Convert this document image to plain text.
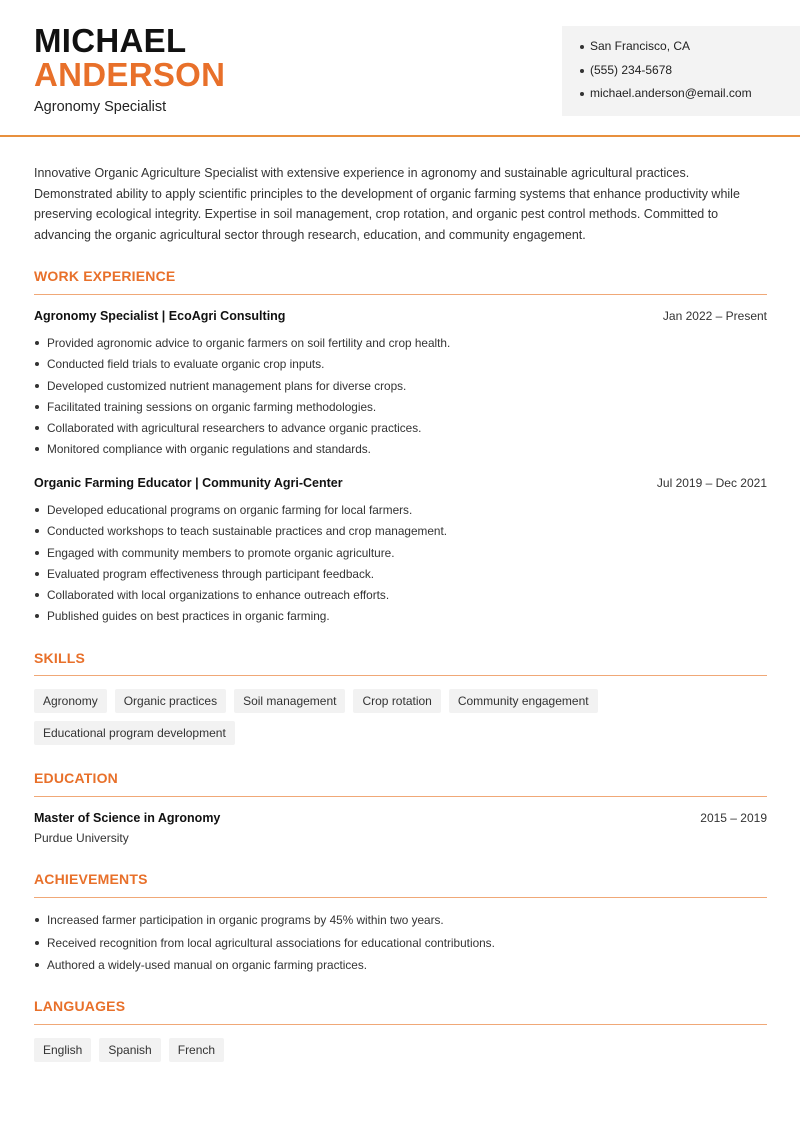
MICHAEL
ANDERSON
Agronomy Specialist
San Francisco, CA
(555) 234-5678
michael.anderson@email.com

Innovative Organic Agriculture Specialist with extensive experience in agronomy and sustainable agricultural practices. Demonstrated ability to apply scientific principles to the development of organic farming systems that enhance productivity while preserving ecological integrity. Expertise in soil management, crop rotation, and organic pest control methods. Committed to advancing the organic agricultural sector through research, education, and community engagement.

WORK EXPERIENCE
Agronomy Specialist | EcoAgri Consulting	Jan 2022 – Present
Provided agronomic advice to organic farmers on soil fertility and crop health.
Conducted field trials to evaluate organic crop inputs.
Developed customized nutrient management plans for diverse crops.
Facilitated training sessions on organic farming methodologies.
Collaborated with agricultural researchers to advance organic practices.
Monitored compliance with organic regulations and standards.
Organic Farming Educator | Community Agri-Center	Jul 2019 – Dec 2021
Developed educational programs on organic farming for local farmers.
Conducted workshops to teach sustainable practices and crop management.
Engaged with community members to promote organic agriculture.
Evaluated program effectiveness through participant feedback.
Collaborated with local organizations to enhance outreach efforts.
Published guides on best practices in organic farming.
SKILLS
Agronomy	Organic practices	Soil management	Crop rotation	Community engagement
Educational program development
EDUCATION
Master of Science in Agronomy	2015 – 2019
Purdue University
ACHIEVEMENTS
Increased farmer participation in organic programs by 45% within two years.
Received recognition from local agricultural associations for educational contributions.
Authored a widely-used manual on organic farming practices.
LANGUAGES
English	Spanish	French
